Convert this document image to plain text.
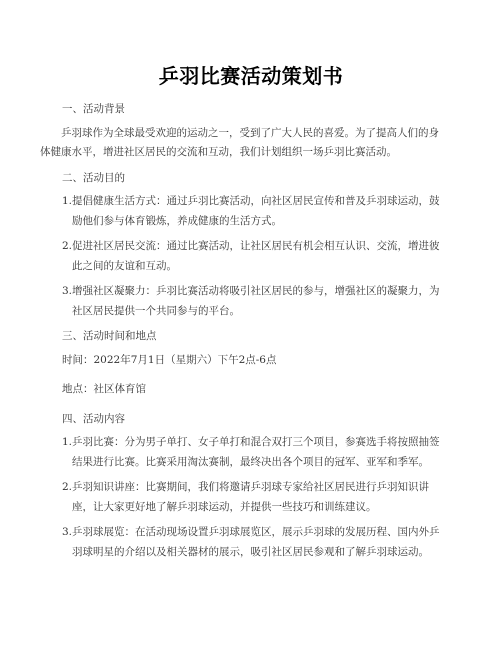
乒羽比赛活动策划书
一、活动背景
乒羽球作为全球最受欢迎的运动之一，受到了广大人民的喜爱。为了提高人们的身体健康水平，增进社区居民的交流和互动，我们计划组织一场乒羽比赛活动。
二、活动目的
1. 提倡健康生活方式：通过乒羽比赛活动，向社区居民宣传和普及乒羽球运动，鼓励他们参与体育锻炼，养成健康的生活方式。
2. 促进社区居民交流：通过比赛活动，让社区居民有机会相互认识、交流，增进彼此之间的友谊和互动。
3. 增强社区凝聚力：乒羽比赛活动将吸引社区居民的参与，增强社区的凝聚力，为社区居民提供一个共同参与的平台。
三、活动时间和地点
时间：2022年7月1日（星期六）下午2点-6点
地点：社区体育馆
四、活动内容
1. 乒羽比赛：分为男子单打、女子单打和混合双打三个项目，参赛选手将按照抽签结果进行比赛。比赛采用淘汰赛制，最终决出各个项目的冠军、亚军和季军。
2. 乒羽知识讲座：比赛期间，我们将邀请乒羽球专家给社区居民进行乒羽知识讲座，让大家更好地了解乒羽球运动，并提供一些技巧和训练建议。
3. 乒羽球展览：在活动现场设置乒羽球展览区，展示乒羽球的发展历程、国内外乒羽球明星的介绍以及相关器材的展示，吸引社区居民参观和了解乒羽球运动。
